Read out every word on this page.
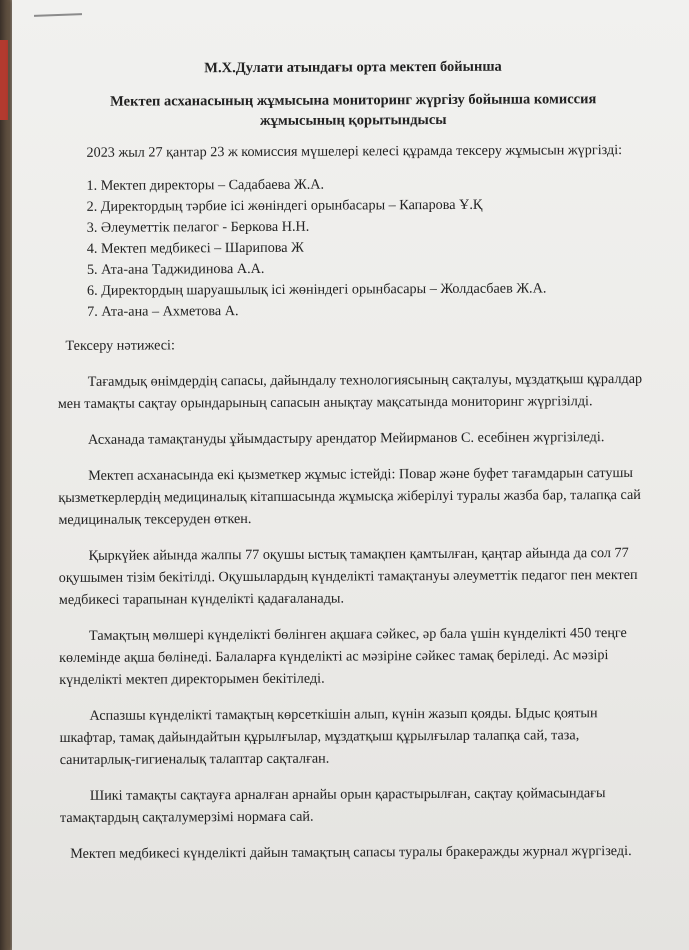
М.Х.Дулати атындағы орта мектеп бойынша

Мектеп асханасының жұмысына мониторинг жүргізу бойынша комиссия жұмысының қорытындысы

2023 жыл 27 қантар 23 ж комиссия мүшелері келесі құрамда тексеру жұмысын жүргізді:

1. Мектеп директоры – Садабаева Ж.А.
2. Директордың тәрбие ісі жөніндегі орынбасары – Капарова Ұ.Қ
3. Әлеуметтік пелагог - Беркова Н.Н.
4. Мектеп медбикесі – Шарипова Ж
5. Ата-ана Таджидинова А.А.
6. Директордың шаруашылық ісі жөніндегі орынбасары – Жолдасбаев Ж.А.
7. Ата-ана – Ахметова А.

Тексеру нәтижесі:

Тағамдық өнімдердің сапасы, дайындалу технологиясының сақталуы, мұздатқыш құралдар мен тамақты сақтау орындарының сапасын анықтау мақсатында мониторинг жүргізілді.

Асханада тамақтануды ұйымдастыру арендатор Мейирманов С. есебінен жүргізіледі.

Мектеп асханасында екі қызметкер жұмыс істейді: Повар және буфет тағамдарын сатушы қызметкерлердің медициналық кітапшасында жұмысқа жіберілуі туралы жазба бар, талапқа сай медициналық тексеруден өткен.

Қыркүйек айында жалпы 77 оқушы ыстық тамақпен қамтылған, қаңтар айында да сол 77 оқушымен тізім бекітілді. Оқушылардың күнделікті тамақтануы әлеуметтік педагог пен мектеп медбикесі тарапынан күнделікті қадағаланады.

Тамақтың мөлшері күнделікті бөлінген ақшаға сәйкес, әр бала үшін күнделікті 450 теңге көлемінде ақша бөлінеді. Балаларға күнделікті ас мәзіріне сәйкес тамақ беріледі. Ас мәзірі күнделікті мектеп директорымен бекітіледі.

Аспазшы күнделікті тамақтың көрсеткішін алып, күнін жазып қояды. Ыдыс қоятын шкафтар, тамақ дайындайтын құрылғылар, мұздатқыш құрылғылар талапқа сай, таза, санитарлық-гигиеналық талаптар сақталған.

Шикі тамақты сақтауға арналған арнайы орын қарастырылған, сақтау қоймасындағы тамақтардың сақталумерзімі нормаға сай.

Мектеп медбикесі күнделікті дайын тамақтың сапасы туралы бракеражды журнал жүргізеді.
